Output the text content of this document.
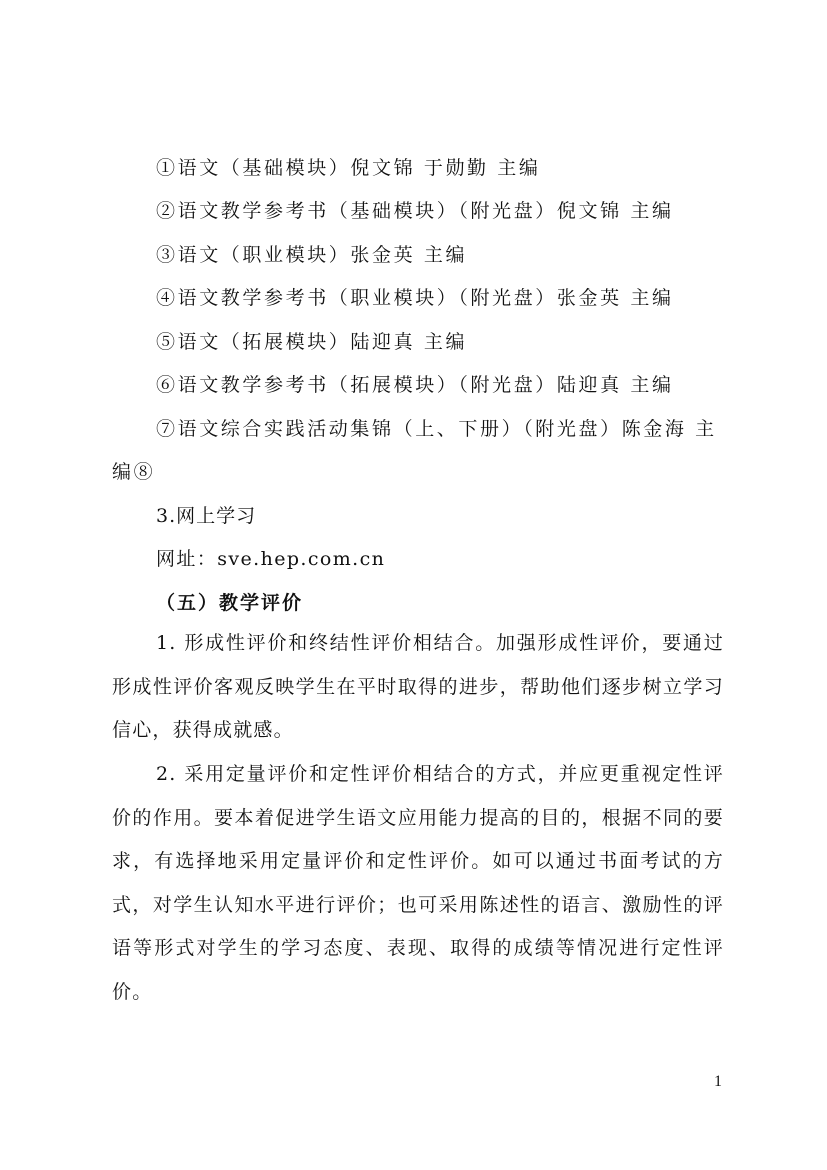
①语文（基础模块）倪文锦 于勋勤 主编
②语文教学参考书（基础模块）（附光盘）倪文锦 主编
③语文（职业模块）张金英 主编
④语文教学参考书（职业模块）（附光盘）张金英 主编
⑤语文（拓展模块）陆迎真 主编
⑥语文教学参考书（拓展模块）（附光盘）陆迎真 主编
⑦语文综合实践活动集锦（上、下册）（附光盘）陈金海 主
编⑧
3.网上学习
网址：sve.hep.com.cn
（五）教学评价
1. 形成性评价和终结性评价相结合。加强形成性评价，要通过形成性评价客观反映学生在平时取得的进步，帮助他们逐步树立学习信心，获得成就感。
2. 采用定量评价和定性评价相结合的方式，并应更重视定性评价的作用。要本着促进学生语文应用能力提高的目的，根据不同的要求，有选择地采用定量评价和定性评价。如可以通过书面考试的方式，对学生认知水平进行评价；也可采用陈述性的语言、激励性的评语等形式对学生的学习态度、表现、取得的成绩等情况进行定性评价。
1
